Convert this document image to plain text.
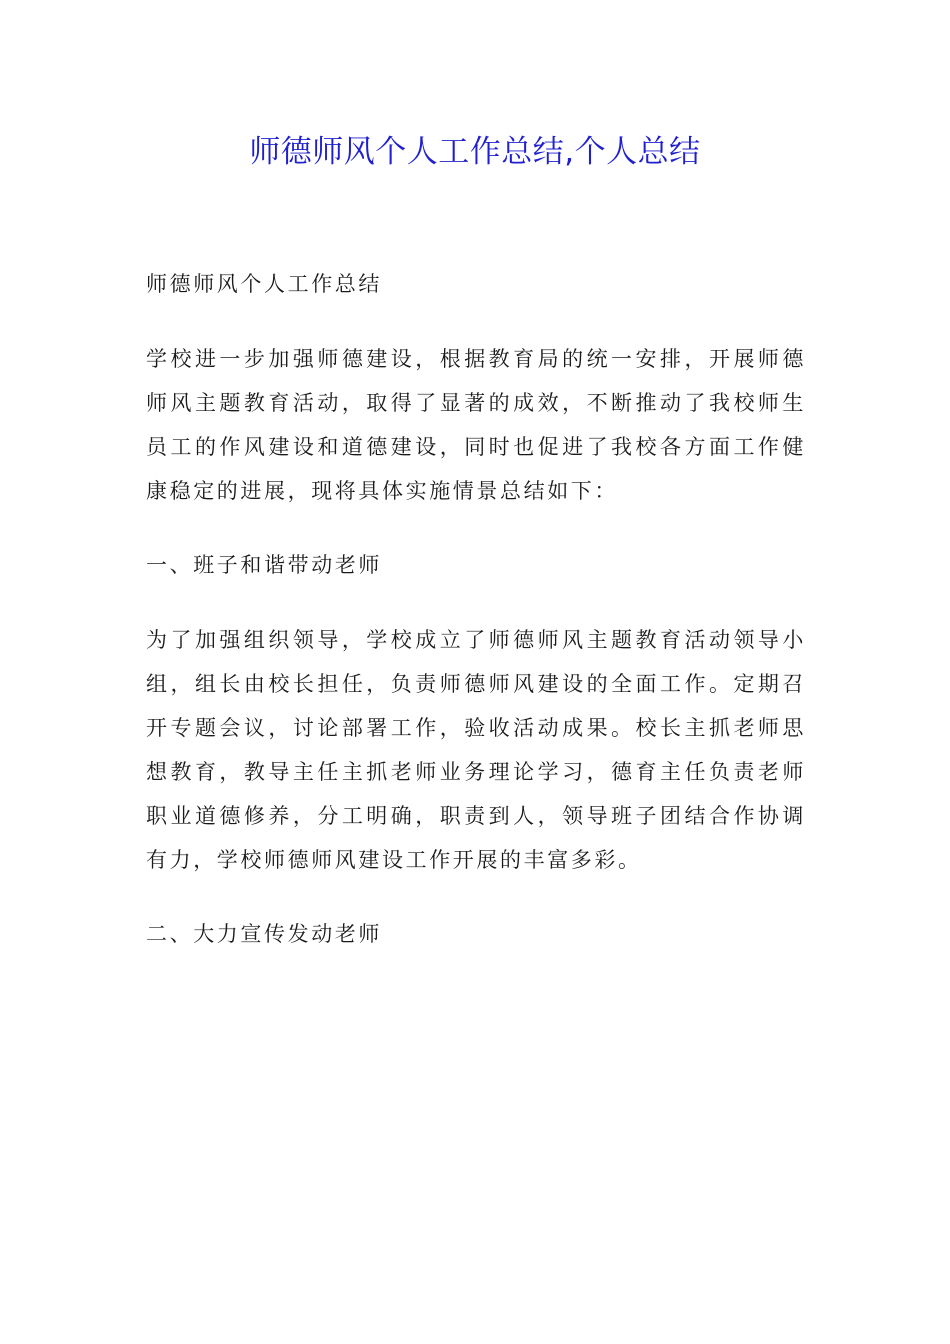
师德师风个人工作总结,个人总结

师德师风个人工作总结

学校进一步加强师德建设，根据教育局的统一安排，开展师德师风主题教育活动，取得了显著的成效，不断推动了我校师生员工的作风建设和道德建设，同时也促进了我校各方面工作健康稳定的进展，现将具体实施情景总结如下：

一、班子和谐带动老师

为了加强组织领导，学校成立了师德师风主题教育活动领导小组，组长由校长担任，负责师德师风建设的全面工作。定期召开专题会议，讨论部署工作，验收活动成果。校长主抓老师思想教育，教导主任主抓老师业务理论学习，德育主任负责老师职业道德修养，分工明确，职责到人，领导班子团结合作协调有力，学校师德师风建设工作开展的丰富多彩。

二、大力宣传发动老师
